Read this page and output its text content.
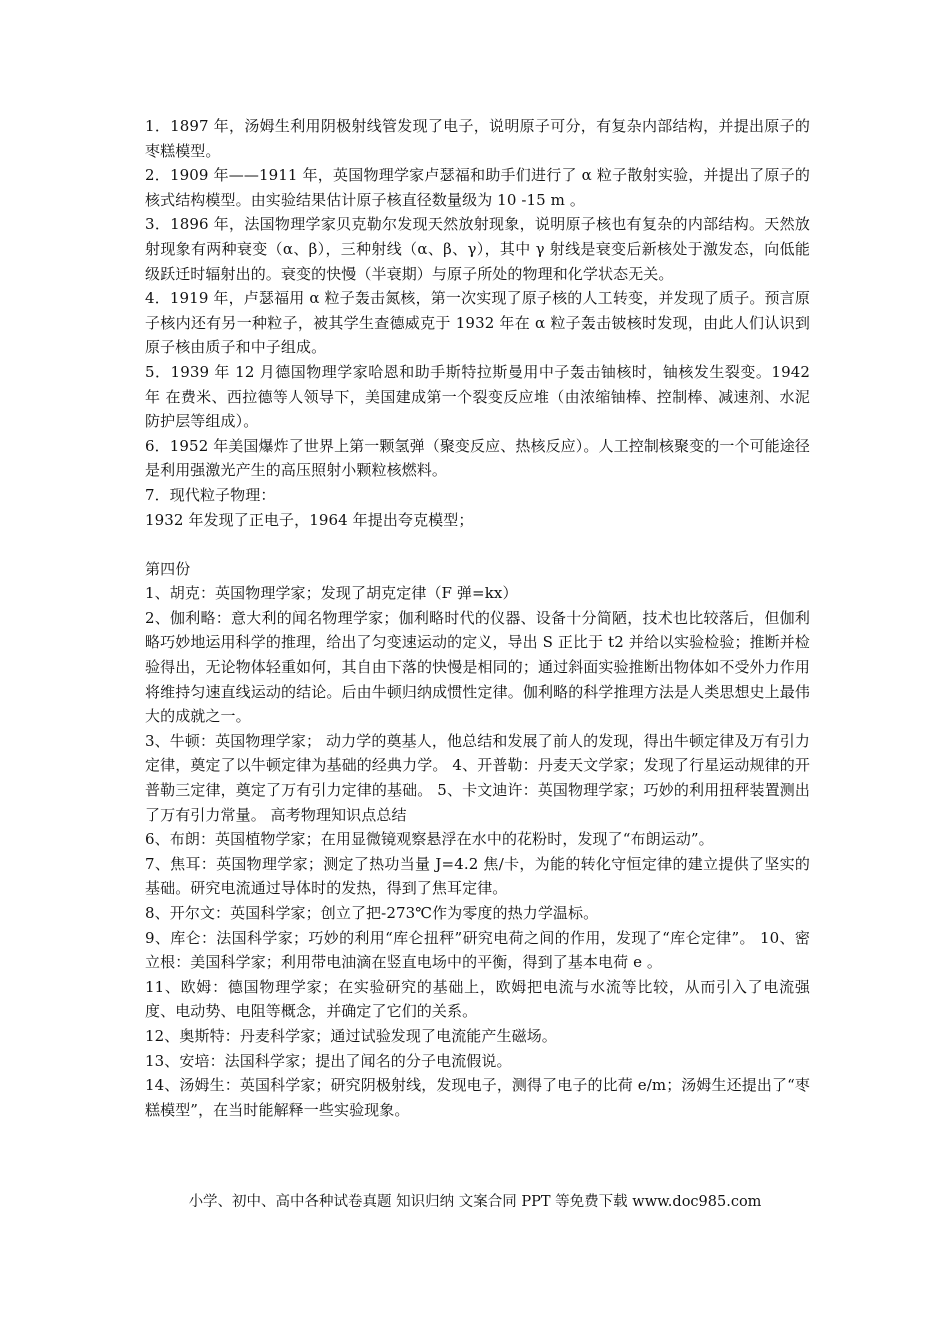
1．1897 年，汤姆生利用阴极射线管发现了电子，说明原子可分，有复杂内部结构，并提出原子的枣糕模型。

2．1909 年——1911 年，英国物理学家卢瑟福和助手们进行了 α 粒子散射实验，并提出了原子的核式结构模型。由实验结果估计原子核直径数量级为 10 -15 m 。

3．1896 年，法国物理学家贝克勒尔发现天然放射现象，说明原子核也有复杂的内部结构。天然放射现象有两种衰变（α、β），三种射线（α、β、γ），其中 γ 射线是衰变后新核处于激发态，向低能级跃迁时辐射出的。衰变的快慢（半衰期）与原子所处的物理和化学状态无关。

4．1919 年，卢瑟福用 α 粒子轰击氮核，第一次实现了原子核的人工转变，并发现了质子。预言原子核内还有另一种粒子，被其学生查德威克于 1932 年在 α 粒子轰击铍核时发现，由此人们认识到原子核由质子和中子组成。

5．1939 年 12 月德国物理学家哈恩和助手斯特拉斯曼用中子轰击铀核时，铀核发生裂变。1942 年 在费米、西拉德等人领导下，美国建成第一个裂变反应堆（由浓缩铀棒、控制棒、减速剂、水泥防护层等组成）。

6．1952 年美国爆炸了世界上第一颗氢弹（聚变反应、热核反应）。人工控制核聚变的一个可能途径是利用强激光产生的高压照射小颗粒核燃料。

7．现代粒子物理：

1932 年发现了正电子，1964 年提出夸克模型；

第四份

1、胡克：英国物理学家；发现了胡克定律（F 弹=kx）

2、伽利略：意大利的闻名物理学家；伽利略时代的仪器、设备十分简陋，技术也比较落后，但伽利略巧妙地运用科学的推理，给出了匀变速运动的定义，导出 S 正比于 t2 并给以实验检验；推断并检验得出，无论物体轻重如何，其自由下落的快慢是相同的；通过斜面实验推断出物体如不受外力作用将维持匀速直线运动的结论。后由牛顿归纳成惯性定律。伽利略的科学推理方法是人类思想史上最伟大的成就之一。

3、牛顿：英国物理学家； 动力学的奠基人，他总结和发展了前人的发现，得出牛顿定律及万有引力定律，奠定了以牛顿定律为基础的经典力学。 4、开普勒：丹麦天文学家；发现了行星运动规律的开普勒三定律，奠定了万有引力定律的基础。 5、卡文迪许：英国物理学家；巧妙的利用扭秤装置测出了万有引力常量。 高考物理知识点总结

6、布朗：英国植物学家；在用显微镜观察悬浮在水中的花粉时，发现了“布朗运动”。

7、焦耳：英国物理学家；测定了热功当量 J=4.2 焦/卡，为能的转化守恒定律的建立提供了坚实的基础。研究电流通过导体时的发热，得到了焦耳定律。

8、开尔文：英国科学家；创立了把-273℃作为零度的热力学温标。

9、库仑：法国科学家；巧妙的利用“库仑扭秤”研究电荷之间的作用，发现了“库仑定律”。 10、密立根：美国科学家；利用带电油滴在竖直电场中的平衡，得到了基本电荷 e 。

11、欧姆：德国物理学家；在实验研究的基础上，欧姆把电流与水流等比较，从而引入了电流强度、电动势、电阻等概念，并确定了它们的关系。

12、奥斯特：丹麦科学家；通过试验发现了电流能产生磁场。

13、安培：法国科学家；提出了闻名的分子电流假说。

14、汤姆生：英国科学家；研究阴极射线，发现电子，测得了电子的比荷 e/m；汤姆生还提出了“枣糕模型”，在当时能解释一些实验现象。

小学、初中、高中各种试卷真题 知识归纳 文案合同 PPT 等免费下载 www.doc985.com
